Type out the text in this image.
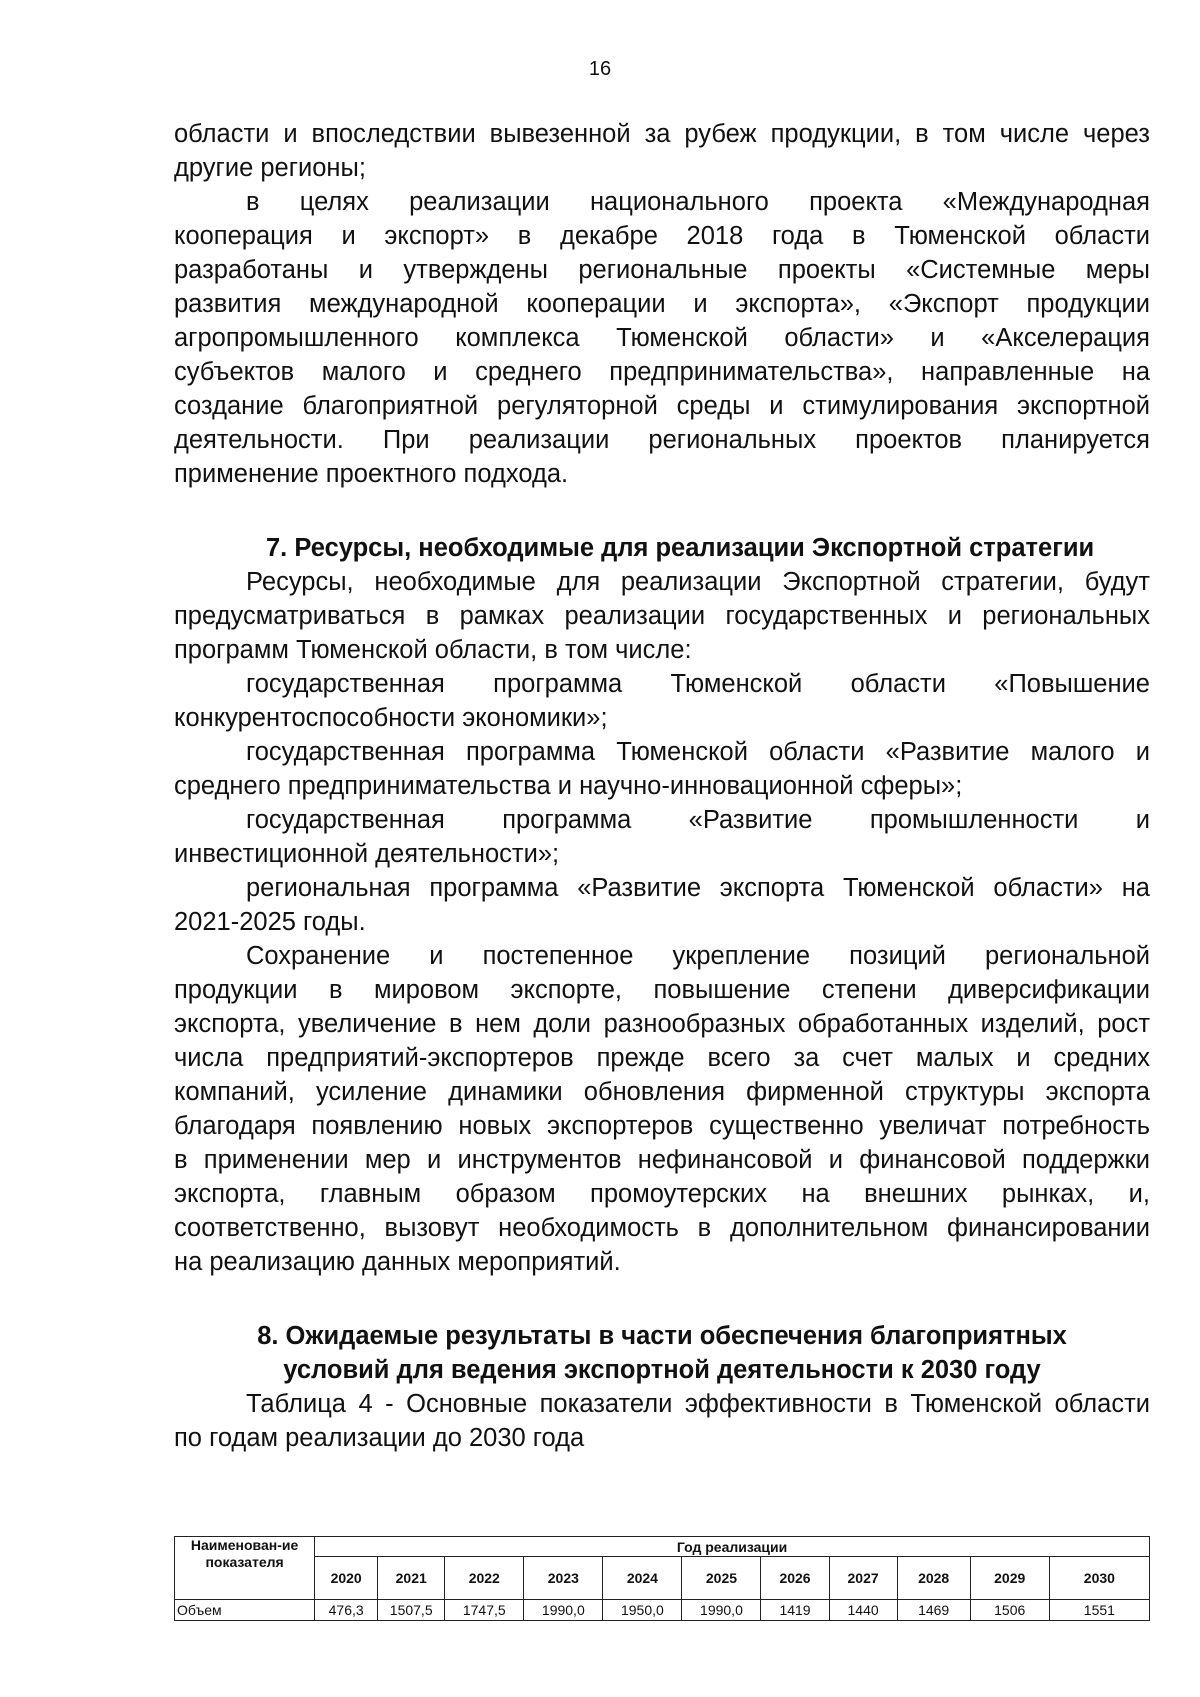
16
области и впоследствии вывезенной за рубеж продукции, в том числе через
другие регионы;
в целях реализации национального проекта «Международная
кооперация и экспорт» в декабре 2018 года в Тюменской области
разработаны и утверждены региональные проекты «Системные меры
развития международной кооперации и экспорта», «Экспорт продукции
агропромышленного комплекса Тюменской области» и «Акселерация
субъектов малого и среднего предпринимательства», направленные на
создание благоприятной регуляторной среды и стимулирования экспортной
деятельности. При реализации региональных проектов планируется
применение проектного подхода.
7. Ресурсы, необходимые для реализации Экспортной стратегии
Ресурсы, необходимые для реализации Экспортной стратегии, будут
предусматриваться в рамках реализации государственных и региональных
программ Тюменской области, в том числе:
государственная программа Тюменской области «Повышение
конкурентоспособности экономики»;
государственная программа Тюменской области «Развитие малого и
среднего предпринимательства и научно-инновационной сферы»;
государственная программа «Развитие промышленности и
инвестиционной деятельности»;
региональная программа «Развитие экспорта Тюменской области» на
2021-2025 годы.
Сохранение и постепенное укрепление позиций региональной
продукции в мировом экспорте, повышение степени диверсификации
экспорта, увеличение в нем доли разнообразных обработанных изделий, рост
числа предприятий-экспортеров прежде всего за счет малых и средних
компаний, усиление динамики обновления фирменной структуры экспорта
благодаря появлению новых экспортеров существенно увеличат потребность
в применении мер и инструментов нефинансовой и финансовой поддержки
экспорта, главным образом промоутерских на внешних рынках, и,
соответственно, вызовут необходимость в дополнительном финансировании
на реализацию данных мероприятий.
8. Ожидаемые результаты в части обеспечения благоприятных
условий для ведения экспортной деятельности к 2030 году
Таблица 4 - Основные показатели эффективности в Тюменской области
по годам реализации до 2030 года
Наименован-ие показателя	Год реализации										
	2020	2021	2022	2023	2024	2025	2026	2027	2028	2029	2030
Объем	476,3	1507,5	1747,5	1990,0	1950,0	1990,0	1419	1440	1469	1506	1551
